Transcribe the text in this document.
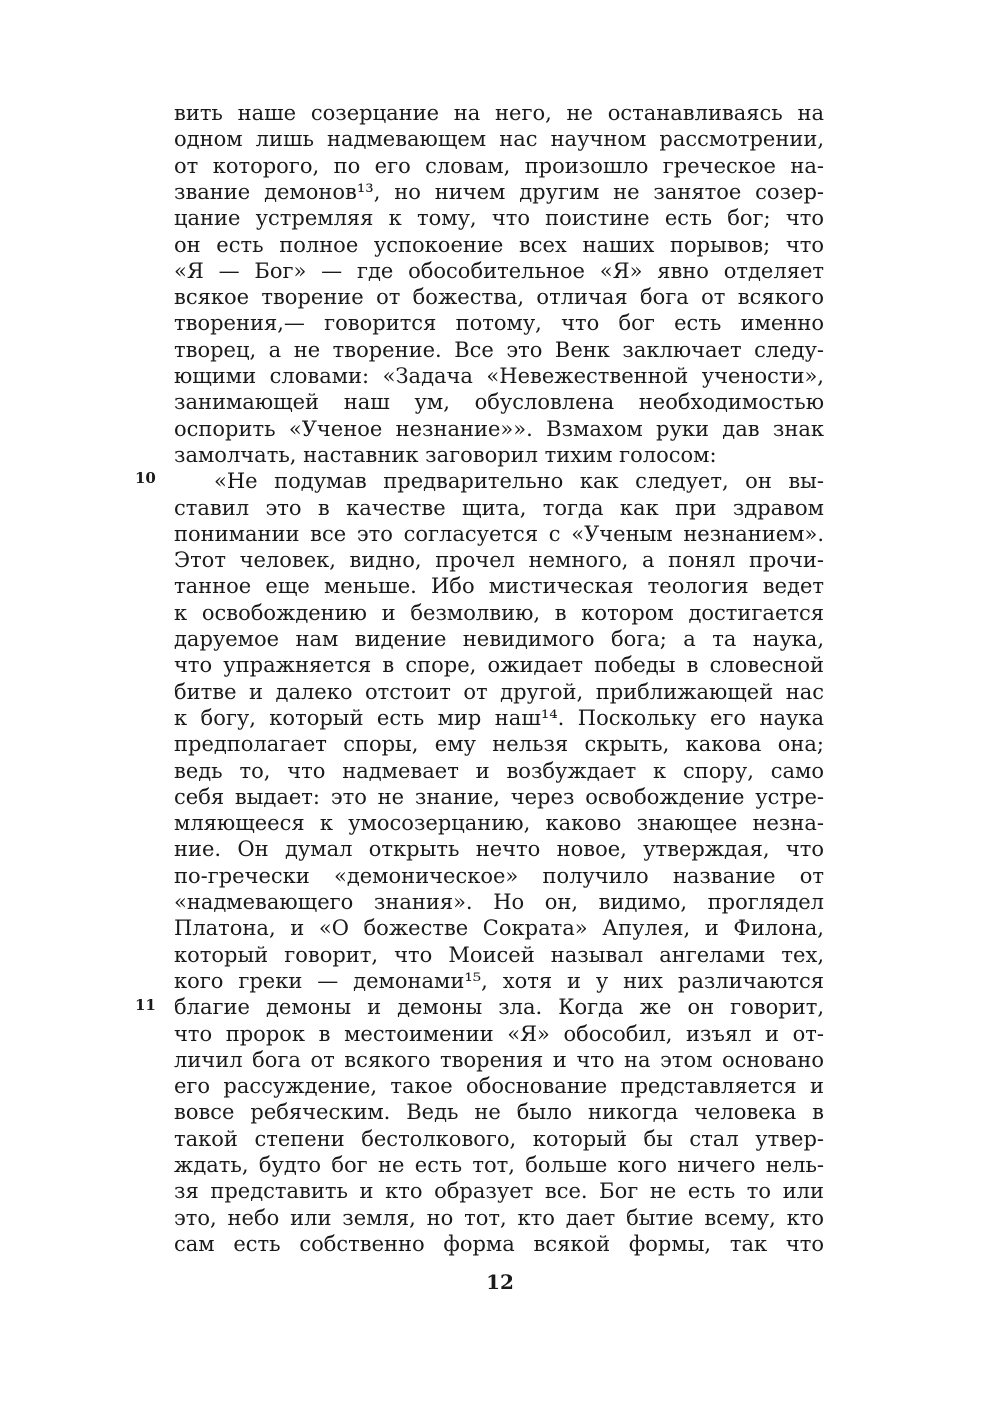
10
11
вить наше созерцание на него, не останавливаясь на
одном лишь надмевающем нас научном рассмотрении,
от которого, по его словам, произошло греческое на-
звание демонов¹³, но ничем другим не занятое созер-
цание устремляя к тому, что поистине есть бог; что
он есть полное успокоение всех наших порывов; что
«Я — Бог» — где обособительное «Я» явно отделяет
всякое творение от божества, отличая бога от всякого
творения,— говорится потому, что бог есть именно
творец, а не творение. Все это Венк заключает следу-
ющими словами: «Задача «Невежественной учености»,
занимающей наш ум, обусловлена необходимостью
оспорить «Ученое незнание»». Взмахом руки дав знак
замолчать, наставник заговорил тихим голосом:
«Не подумав предварительно как следует, он вы-
ставил это в качестве щита, тогда как при здравом
понимании все это согласуется с «Ученым незнанием».
Этот человек, видно, прочел немного, а понял прочи-
танное еще меньше. Ибо мистическая теология ведет
к освобождению и безмолвию, в котором достигается
даруемое нам видение невидимого бога; а та наука,
что упражняется в споре, ожидает победы в словесной
битве и далеко отстоит от другой, приближающей нас
к богу, который есть мир наш¹⁴. Поскольку его наука
предполагает споры, ему нельзя скрыть, какова она;
ведь то, что надмевает и возбуждает к спору, само
себя выдает: это не знание, через освобождение устре-
мляющееся к умосозерцанию, каково знающее незна-
ние. Он думал открыть нечто новое, утверждая, что
по-гречески «демоническое» получило название от
«надмевающего знания». Но он, видимо, проглядел
Платона, и «О божестве Сократа» Апулея, и Филона,
который говорит, что Моисей называл ангелами тех,
кого греки — демонами¹⁵, хотя и у них различаются
благие демоны и демоны зла. Когда же он говорит,
что пророк в местоимении «Я» обособил, изъял и от-
личил бога от всякого творения и что на этом основано
его рассуждение, такое обоснование представляется и
вовсе ребяческим. Ведь не было никогда человека в
такой степени бестолкового, который бы стал утвер-
ждать, будто бог не есть тот, больше кого ничего нель-
зя представить и кто образует все. Бог не есть то или
это, небо или земля, но тот, кто дает бытие всему, кто
сам есть собственно форма всякой формы, так что
12
